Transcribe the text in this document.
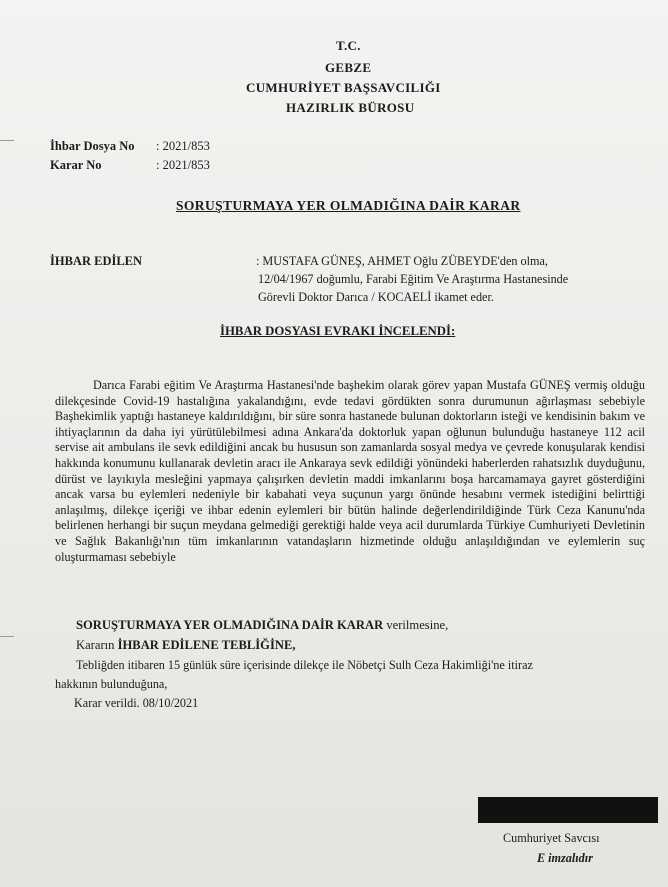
T.C.
GEBZE
CUMHURİYET BAŞSAVCILIĞI
HAZIRLIK BÜROSU
İhbar Dosya No : 2021/853
Karar No	: 2021/853
SORUŞTURMAYA YER OLMADIĞINA DAİR KARAR
İHBAR EDİLEN	: MUSTAFA GÜNEŞ, AHMET Oğlu ZÜBEYDE'den olma,
12/04/1967 doğumlu, Farabi Eğitim Ve Araştırma Hastanesinde
Görevli Doktor Darıca / KOCAELİ ikamet eder.
İHBAR DOSYASI EVRAKI İNCELENDİ:
Darıca Farabi eğitim Ve Araştırma Hastanesi'nde başhekim olarak görev yapan Mustafa GÜNEŞ vermiş olduğu dilekçesinde Covid-19 hastalığına yakalandığını, evde tedavi gördükten sonra durumunun ağırlaşması sebebiyle Başhekimlik yaptığı hastaneye kaldırıldığını, bir süre sonra hastanede bulunan doktorların isteği ve kendisinin bakım ve ihtiyaçlarının da daha iyi yürütülebilmesi adına Ankara'da doktorluk yapan oğlunun bulunduğu hastaneye 112 acil servise ait ambulans ile sevk edildiğini ancak bu hususun son zamanlarda sosyal medya ve çevrede konuşularak kendisi hakkında konumunu kullanarak devletin aracı ile Ankaraya sevk edildiği yönündeki haberlerden rahatsızlık duyduğunu, dürüst ve layıkıyla mesleğini yapmaya çalışırken devletin maddi imkanlarını boşa harcamamaya gayret gösterdiğini ancak varsa bu eylemleri nedeniyle bir kabahati veya suçunun yargı önünde hesabını vermek istediğini belirttiği anlaşılmış, dilekçe içeriği ve ihbar edenin eylemleri bir bütün halinde değerlendirildiğinde Türk Ceza Kanunu'nda belirlenen herhangi bir suçun meydana gelmediği gerektiği halde veya acil durumlarda Türkiye Cumhuriyeti Devletinin ve Sağlık Bakanlığı'nın tüm imkanlarının vatandaşların hizmetinde olduğu anlaşıldığından ve eylemlerin suç oluşturmaması sebebiyle
SORUŞTURMAYA YER OLMADIĞINA DAİR KARAR verilmesine,
Kararın İHBAR EDİLENE TEBLİĞİNE,
Tebliğden itibaren 15 günlük süre içerisinde dilekçe ile Nöbetçi Sulh Ceza Hakimliği'ne itiraz
hakkının bulunduğuna,
Karar verildi. 08/10/2021
Cumhuriyet Savcısı
E imzalıdır
